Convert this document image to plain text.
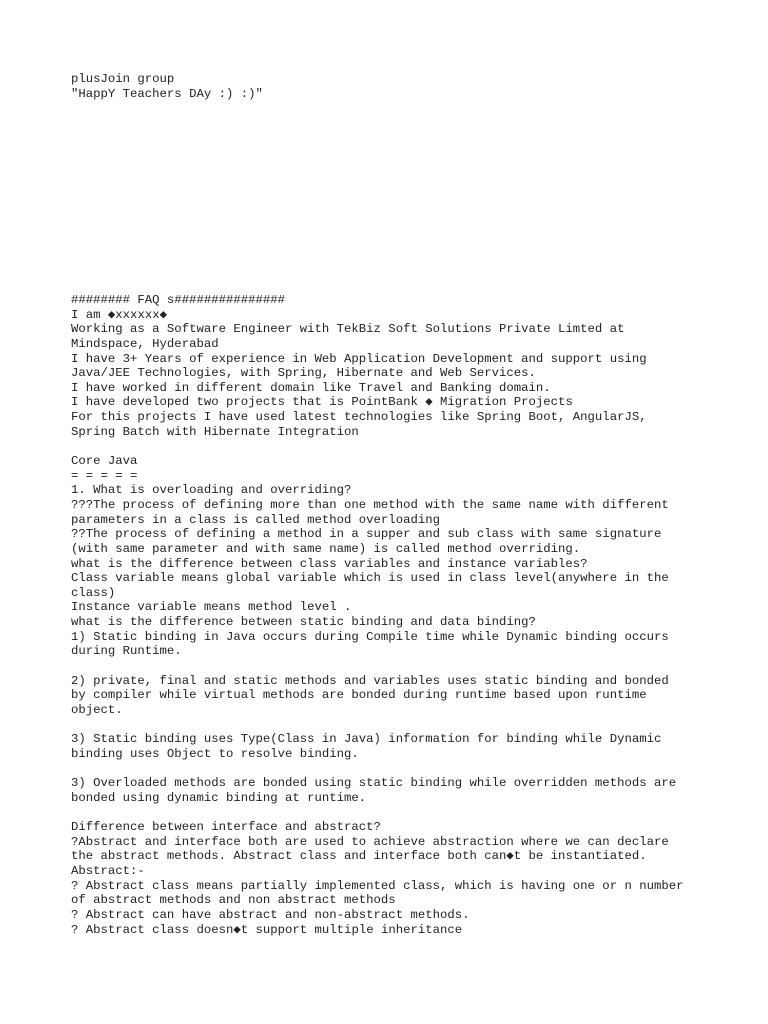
plusJoin group
"HappY Teachers DAy :) :)"
######## FAQ s###############
I am ◆xxxxxx◆
Working as a Software Engineer with TekBiz Soft Solutions Private Limted at
Mindspace, Hyderabad
I have 3+ Years of experience in Web Application Development and support using
Java/JEE Technologies, with Spring, Hibernate and Web Services.
I have worked in different domain like Travel and Banking domain.
I have developed two projects that is PointBank ◆ Migration Projects
For this projects I have used latest technologies like Spring Boot, AngularJS,
Spring Batch with Hibernate Integration
Core Java
= = = = =
1. What is overloading and overriding?
???The process of defining more than one method with the same name with different
parameters in a class is called method overloading
??The process of defining a method in a supper and sub class with same signature
(with same parameter and with same name) is called method overriding.
what is the difference between class variables and instance variables?
Class variable means global variable which is used in class level(anywhere in the
class)
Instance variable means method level .
what is the difference between static binding and data binding?
1) Static binding in Java occurs during Compile time while Dynamic binding occurs
during Runtime.
2) private, final and static methods and variables uses static binding and bonded
by compiler while virtual methods are bonded during runtime based upon runtime
object.
3) Static binding uses Type(Class in Java) information for binding while Dynamic
binding uses Object to resolve binding.
3) Overloaded methods are bonded using static binding while overridden methods are
bonded using dynamic binding at runtime.
Difference between interface and abstract?
?Abstract and interface both are used to achieve abstraction where we can declare
the abstract methods. Abstract class and interface both can◆t be instantiated.
Abstract:-
? Abstract class means partially implemented class, which is having one or n number
of abstract methods and non abstract methods
? Abstract can have abstract and non-abstract methods.
? Abstract class doesn◆t support multiple inheritance
